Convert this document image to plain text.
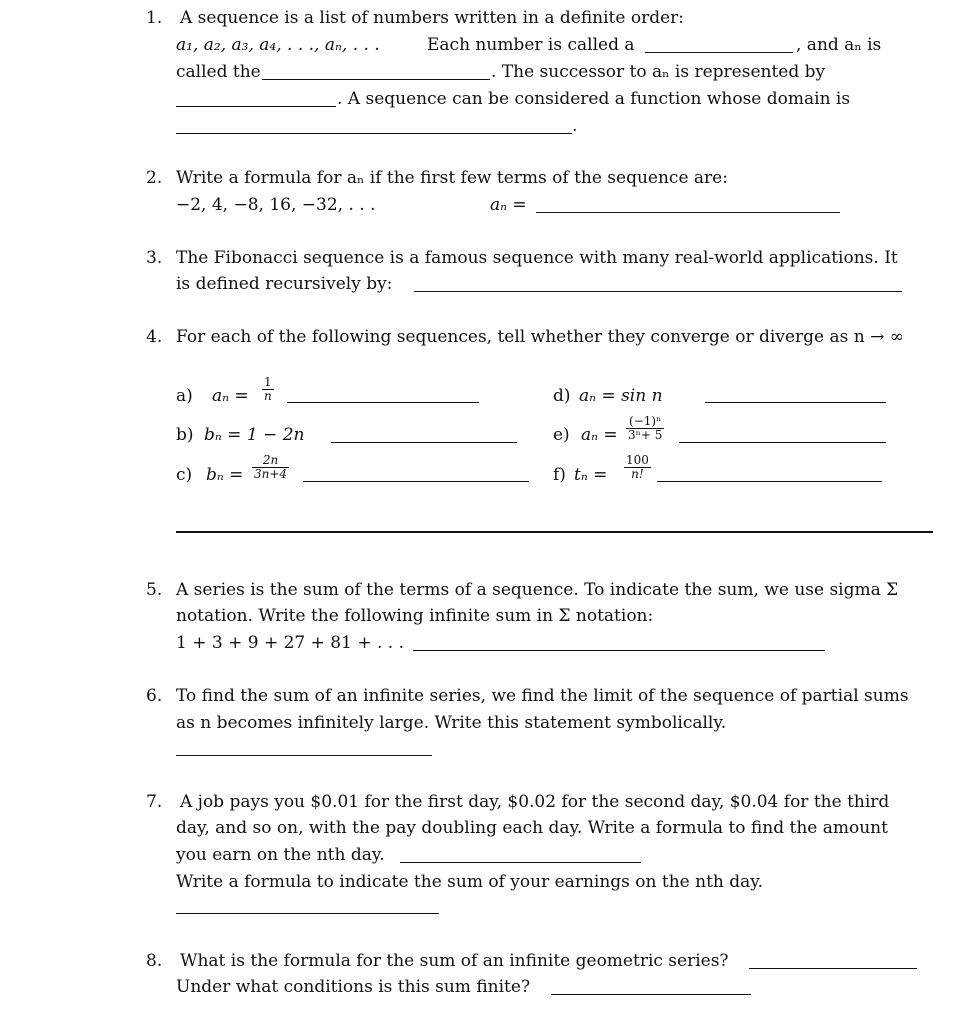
1. A sequence is a list of numbers written in a definite order:
a₁, a₂, a₃, a₄, . . ., aₙ, . . .	Each number is called a	, and aₙ is
called the	. The successor to aₙ is represented by
. A sequence can be considered a function whose domain is
.
2. Write a formula for aₙ if the first few terms of the sequence are:
−2, 4, −8, 16, −32, . . .	aₙ =
3. The Fibonacci sequence is a famous sequence with many real-world applications. It
is defined recursively by:
4. For each of the following sequences, tell whether they converge or diverge as n → ∞
a) $a_n = \frac{1}{n}$
b) bₙ = 1 − 2n
c) $b_n = \frac{2n}{3n+4}$
d) aₙ = sin n
e) $a_n = \frac{\text{(−1)ⁿ}}{\text{3ⁿ+ 5}}$
f) $t_n = \frac{100}{n!}$
5. A series is the sum of the terms of a sequence. To indicate the sum, we use sigma Σ
notation. Write the following infinite sum in Σ notation:
1 + 3 + 9 + 27 + 81 + . . .
6. To find the sum of an infinite series, we find the limit of the sequence of partial sums
as n becomes infinitely large. Write this statement symbolically.
7. A job pays you $0.01 for the first day, $0.02 for the second day, $0.04 for the third
day, and so on, with the pay doubling each day. Write a formula to find the amount
you earn on the nth day.
Write a formula to indicate the sum of your earnings on the nth day.
8. What is the formula for the sum of an infinite geometric series?
Under what conditions is this sum finite?
